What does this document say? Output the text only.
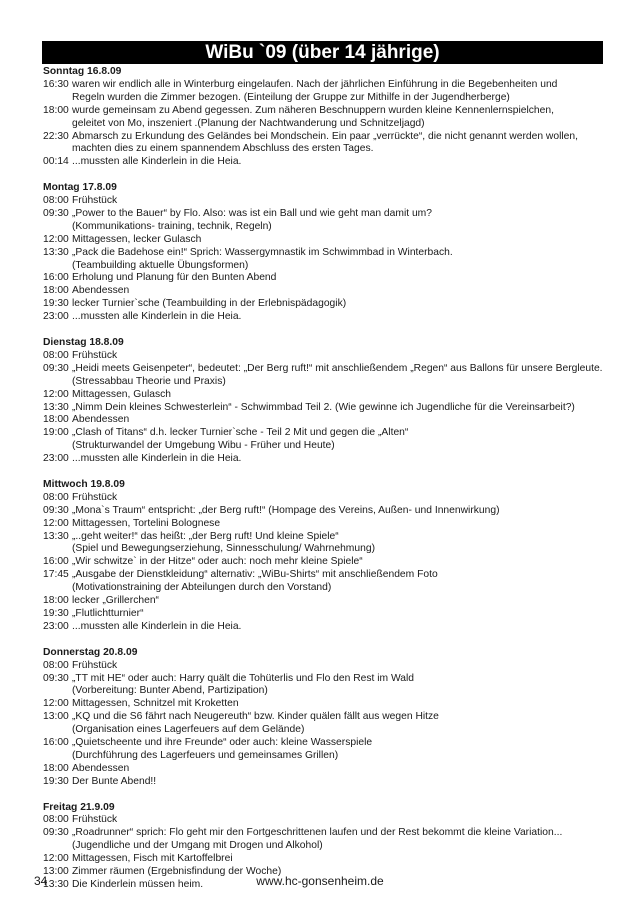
WiBu `09 (über 14 jährige)
Sonntag 16.8.09
16:30 waren wir endlich alle in Winterburg eingelaufen. Nach der jährlichen Einführung in die Begebenheiten und
Regeln wurden die Zimmer bezogen. (Einteilung der Gruppe zur Mithilfe in der Jugendherberge)
18:00 wurde gemeinsam zu Abend gegessen. Zum näheren Beschnuppern wurden kleine Kennenlernspielchen,
geleitet von Mo, inszeniert .(Planung der Nachtwanderung und Schnitzeljagd)
22:30 Abmarsch zu Erkundung des Geländes bei Mondschein. Ein paar „verrückte“, die nicht genannt werden wollen,
machten dies zu einem spannendem Abschluss des ersten Tages.
00:14 ...mussten alle Kinderlein in die Heia.
Montag 17.8.09
08:00 Frühstück
09:30 „Power to the Bauer“ by Flo. Also: was ist ein Ball und wie geht man damit um?
(Kommunikations- training, technik, Regeln)
12:00 Mittagessen, lecker Gulasch
13:30 „Pack die Badehose ein!“ Sprich: Wassergymnastik im Schwimmbad in Winterbach.
(Teambuilding aktuelle Übungsformen)
16:00 Erholung und Planung für den Bunten Abend
18:00 Abendessen
19:30 lecker Turnier`sche (Teambuilding in der Erlebnispädagogik)
23:00 ...mussten alle Kinderlein in die Heia.
Dienstag 18.8.09
08:00 Frühstück
09:30 „Heidi meets Geisenpeter“, bedeutet: „Der Berg ruft!“ mit anschließendem „Regen“ aus Ballons für unsere Bergleute.
(Stressabbau Theorie und Praxis)
12:00 Mittagessen, Gulasch
13:30 „Nimm Dein kleines Schwesterlein“ - Schwimmbad Teil 2. (Wie gewinne ich Jugendliche für die Vereinsarbeit?)
18:00 Abendessen
19:00 „Clash of Titans“ d.h. lecker Turnier`sche - Teil 2 Mit und gegen die „Alten“
(Strukturwandel der Umgebung Wibu - Früher und Heute)
23:00 ...mussten alle Kinderlein in die Heia.
Mittwoch 19.8.09
08:00 Frühstück
09:30 „Mona`s Traum“ entspricht: „der Berg ruft!“ (Hompage des Vereins, Außen- und Innenwirkung)
12:00 Mittagessen, Tortelini Bolognese
13:30 „..geht weiter!“ das heißt: „der Berg ruft! Und kleine Spiele“
(Spiel und Bewegungserziehung, Sinnesschulung/ Wahrnehmung)
16:00 „Wir schwitze` in der Hitze“ oder auch: noch mehr kleine Spiele“
17:45 „Ausgabe der Dienstkleidung“ alternativ: „WiBu-Shirts“ mit anschließendem Foto
(Motivationstraining der Abteilungen durch den Vorstand)
18:00 lecker „Grillerchen“
19:30 „Flutlichtturnier“
23:00 ...mussten alle Kinderlein in die Heia.
Donnerstag 20.8.09
08:00 Frühstück
09:30 „TT mit HE“ oder auch: Harry quält die Tohüterlis und Flo den Rest im Wald
(Vorbereitung: Bunter Abend, Partizipation)
12:00 Mittagessen, Schnitzel mit Kroketten
13:00 „KQ und die S6 fährt nach Neugereuth“ bzw. Kinder quälen fällt aus wegen Hitze
(Organisation eines Lagerfeuers auf dem Gelände)
16:00 „Quietscheente und ihre Freunde“ oder auch: kleine Wasserspiele
(Durchführung des Lagerfeuers und gemeinsames Grillen)
18:00 Abendessen
19:30 Der Bunte Abend!!
Freitag 21.9.09
08:00 Frühstück
09:30 „Roadrunner“ sprich: Flo geht mir den Fortgeschrittenen laufen und der Rest bekommt die kleine Variation...
(Jugendliche und der Umgang mit Drogen und Alkohol)
12:00 Mittagessen, Fisch mit Kartoffelbrei
13:00 Zimmer räumen (Ergebnisfindung der Woche)
13:30 Die Kinderlein müssen heim.
34	www.hc-gonsenheim.de
